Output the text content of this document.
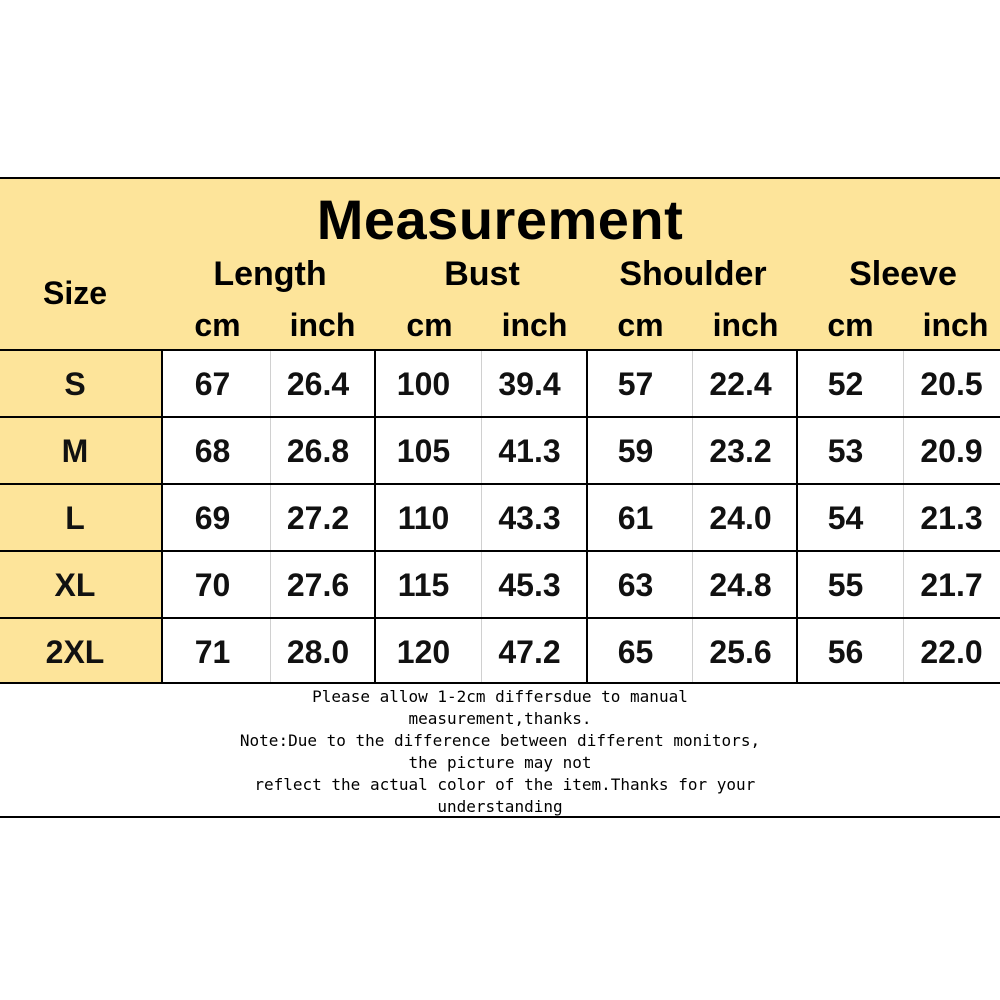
Measurement
Size	Length	Bust	Shoulder	Sleeve
cm	inch	cm	inch	cm	inch	cm	inch
S	67	26.4	100	39.4	57	22.4	52	20.5
M	68	26.8	105	41.3	59	23.2	53	20.9
L	69	27.2	110	43.3	61	24.0	54	21.3
XL	70	27.6	115	45.3	63	24.8	55	21.7
2XL	71	28.0	120	47.2	65	25.6	56	22.0
Please allow 1-2cm differsdue to manual
measurement,thanks.
Note:Due to the difference between different monitors,
the picture may not
reflect the actual color of the item.Thanks for your
understanding
